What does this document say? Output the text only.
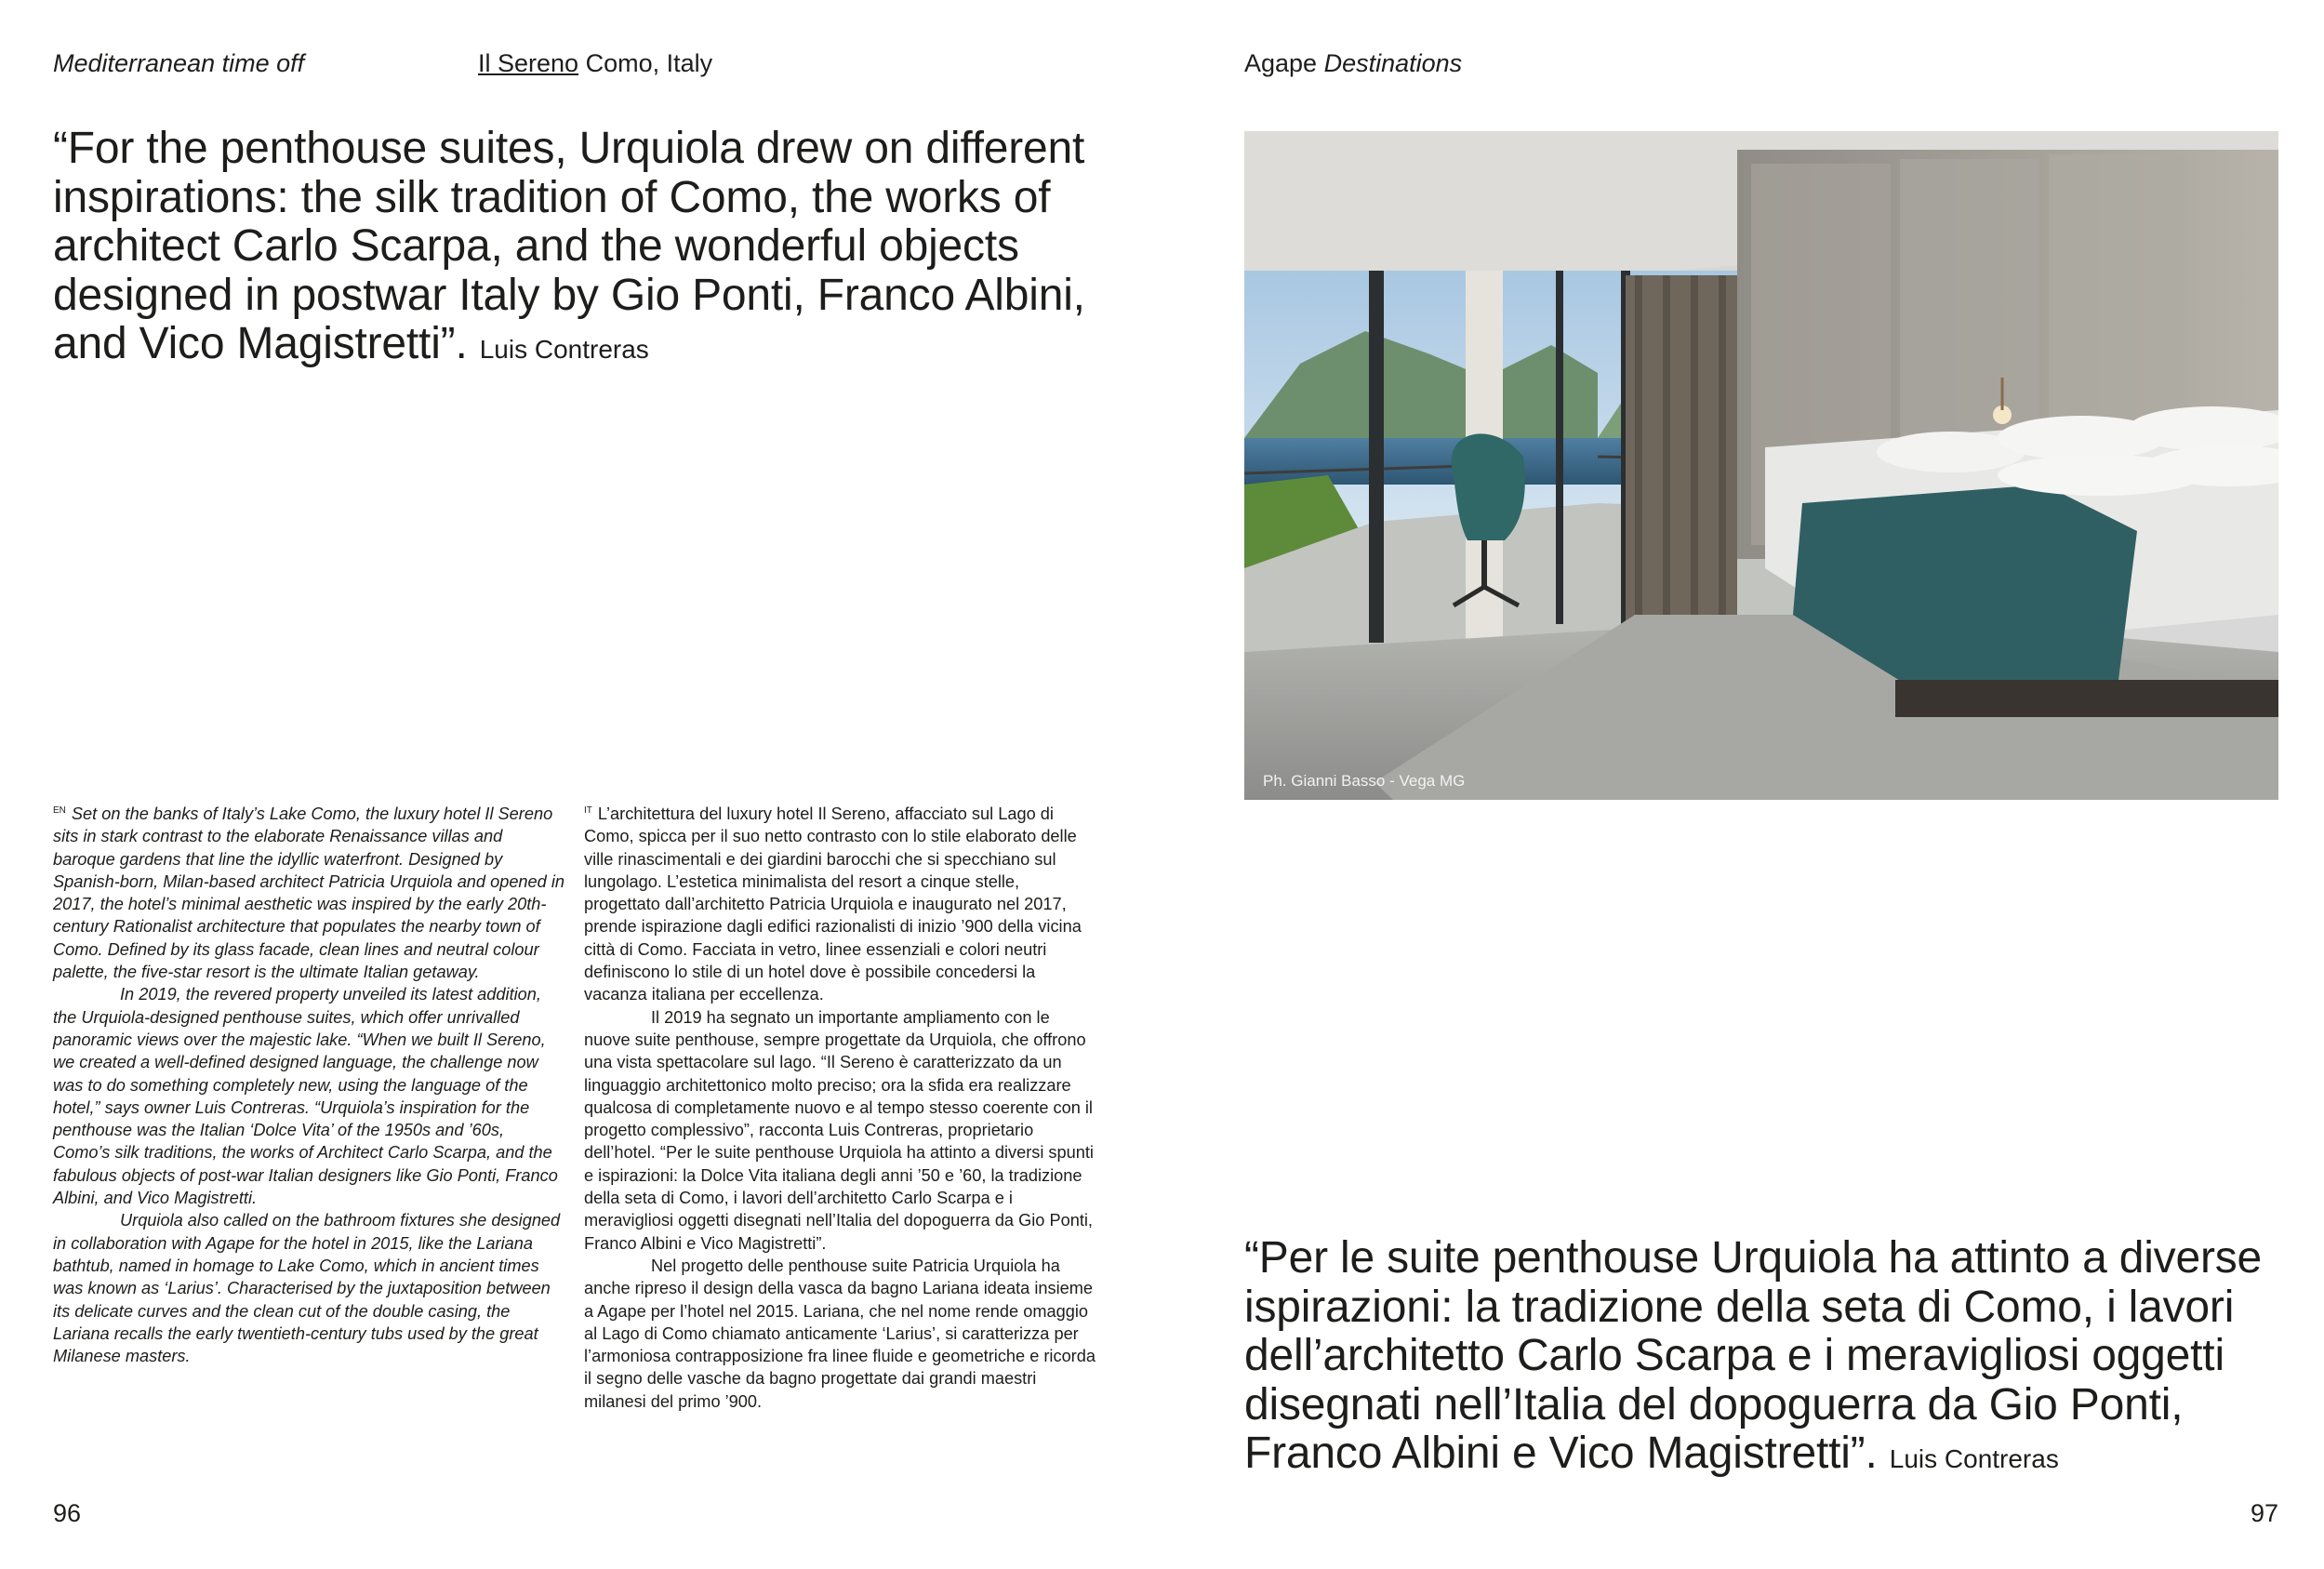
Mediterranean time off	Il Sereno Como, Italy

“For the penthouse suites, Urquiola drew on different inspirations: the silk tradition of Como, the works of architect Carlo Scarpa, and the wonderful objects designed in postwar Italy by Gio Ponti, Franco Albini, and Vico Magistretti”. Luis Contreras

$^{EN}$ Set on the banks of Italy’s Lake Como, the luxury hotel Il Sereno sits in stark contrast to the elaborate Renaissance villas and baroque gardens that line the idyllic waterfront. Designed by Spanish-born, Milan-based architect Patricia Urquiola and opened in 2017, the hotel’s minimal aesthetic was inspired by the early 20th-century Rationalist architecture that populates the nearby town of Como. Defined by its glass facade, clean lines and neutral colour palette, the five-star resort is the ultimate Italian getaway.

In 2019, the revered property unveiled its latest addition, the Urquiola-designed penthouse suites, which offer unrivalled panoramic views over the majestic lake. “When we built Il Sereno, we created a well-defined designed language, the challenge now was to do something completely new, using the language of the hotel,” says owner Luis Contreras. “Urquiola’s inspiration for the penthouse was the Italian ‘Dolce Vita’ of the 1950s and ’60s, Como’s silk traditions, the works of Architect Carlo Scarpa, and the fabulous objects of post-war Italian designers like Gio Ponti, Franco Albini, and Vico Magistretti.

Urquiola also called on the bathroom fixtures she designed in collaboration with Agape for the hotel in 2015, like the Lariana bathtub, named in homage to Lake Como, which in ancient times was known as ‘Larius’. Characterised by the juxtaposition between its delicate curves and the clean cut of the double casing, the Lariana recalls the early twentieth-century tubs used by the great Milanese masters.

$^{IT}$ L’architettura del luxury hotel Il Sereno, affacciato sul Lago di Como, spicca per il suo netto contrasto con lo stile elaborato delle ville rinascimentali e dei giardini barocchi che si specchiano sul lungolago. L’estetica minimalista del resort a cinque stelle, progettato dall’architetto Patricia Urquiola e inaugurato nel 2017, prende ispirazione dagli edifici razionalisti di inizio ’900 della vicina città di Como. Facciata in vetro, linee essenziali e colori neutri definiscono lo stile di un hotel dove è possibile concedersi la vacanza italiana per eccellenza.

Il 2019 ha segnato un importante ampliamento con le nuove suite penthouse, sempre progettate da Urquiola, che offrono una vista spettacolare sul lago. “Il Sereno è caratterizzato da un linguaggio architettonico molto preciso; ora la sfida era realizzare qualcosa di completamente nuovo e al tempo stesso coerente con il progetto complessivo”, racconta Luis Contreras, proprietario dell’hotel. “Per le suite penthouse Urquiola ha attinto a diversi spunti e ispirazioni: la Dolce Vita italiana degli anni ’50 e ’60, la tradizione della seta di Como, i lavori dell’architetto Carlo Scarpa e i meravigliosi oggetti disegnati nell’Italia del dopoguerra da Gio Ponti, Franco Albini e Vico Magistretti”.

Nel progetto delle penthouse suite Patricia Urquiola ha anche ripreso il design della vasca da bagno Lariana ideata insieme a Agape per l’hotel nel 2015. Lariana, che nel nome rende omaggio al Lago di Como chiamato anticamente ‘Larius’, si caratterizza per l’armoniosa contrapposizione fra linee fluide e geometriche e ricorda il segno delle vasche da bagno progettate dai grandi maestri milanesi del primo ’900.

96
Agape Destinations
Ph. Gianni Basso - Vega MG

“Per le suite penthouse Urquiola ha attinto a diverse ispirazioni: la tradizione della seta di Como, i lavori dell’architetto Carlo Scarpa e i meravigliosi oggetti disegnati nell’Italia del dopoguerra da Gio Ponti, Franco Albini e Vico Magistretti”. Luis Contreras

97
